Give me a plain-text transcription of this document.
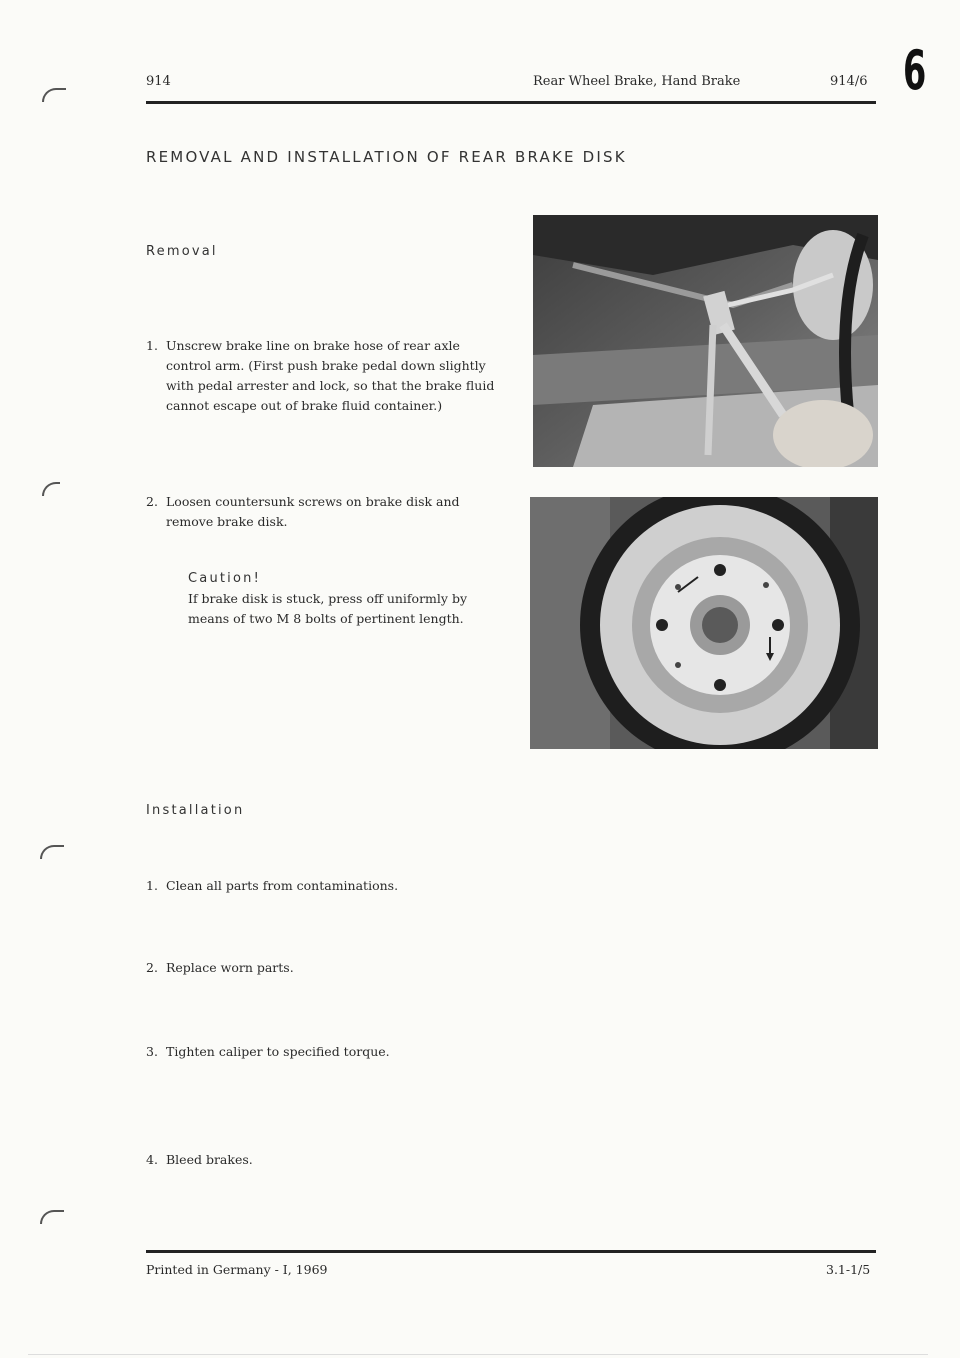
914	Rear Wheel Brake, Hand Brake	914/6 6
REMOVAL AND INSTALLATION OF REAR BRAKE DISK
Removal
1. Unscrew brake line on brake hose of rear axle control arm. (First push brake pedal down slightly with pedal arrester and lock, so that the brake fluid cannot escape out of brake fluid container.)
2. Loosen countersunk screws on brake disk and remove brake disk.
Caution!
If brake disk is stuck, press off uniformly by means of two M 8 bolts of pertinent length.
Installation
1. Clean all parts from contaminations.
2. Replace worn parts.
3. Tighten caliper to specified torque.
4. Bleed brakes.
Printed in Germany - I, 1969	3.1-1/5
